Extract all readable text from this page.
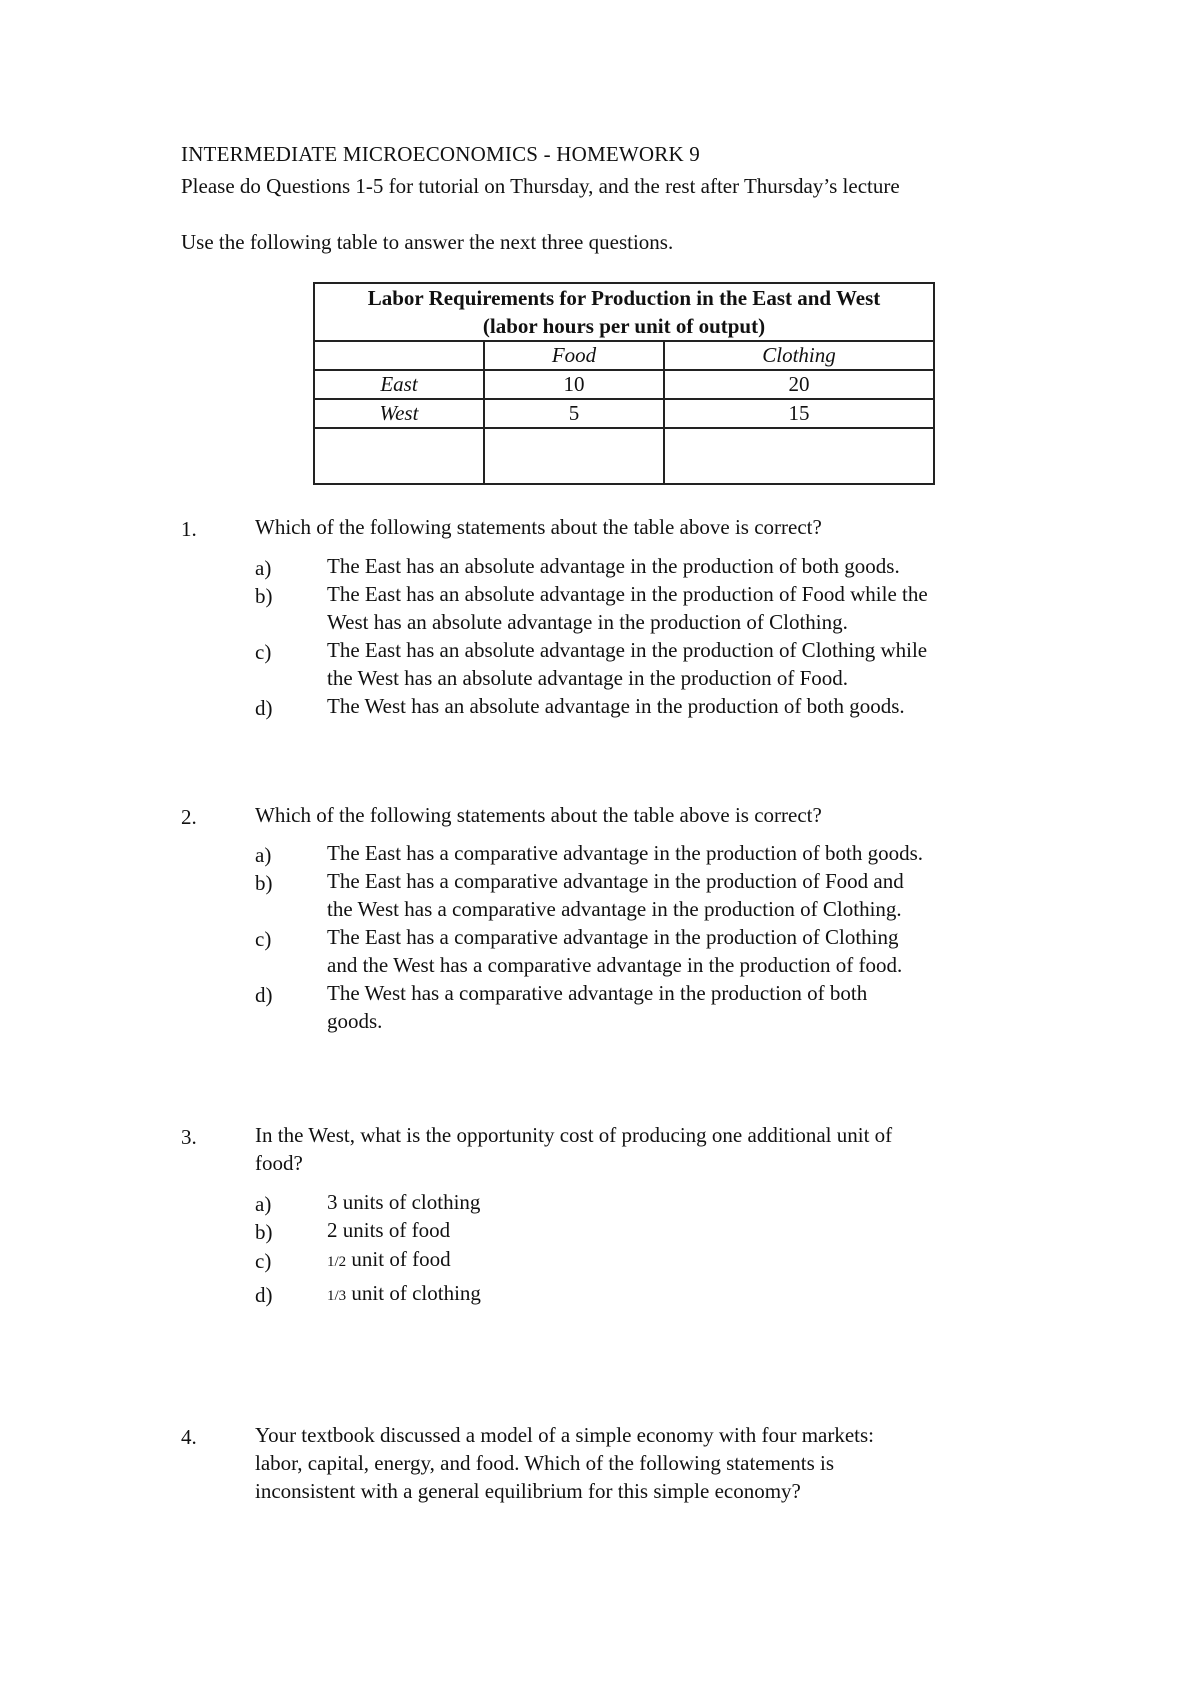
INTERMEDIATE MICROECONOMICS - HOMEWORK 9
Please do Questions 1-5 for tutorial on Thursday, and the rest after Thursday’s lecture
Use the following table to answer the next three questions.
Labor Requirements for Production in the East and West
(labor hours per unit of output)		

	Food	Clothing
East	10	20
West	5	15

1.	Which of the following statements about the table above is correct?
a)	The East has an absolute advantage in the production of both goods.
b)	The East has an absolute advantage in the production of Food while the
West has an absolute advantage in the production of Clothing.
c)	The East has an absolute advantage in the production of Clothing while
the West has an absolute advantage in the production of Food.
d)	The West has an absolute advantage in the production of both goods.
2.	Which of the following statements about the table above is correct?
a)	The East has a comparative advantage in the production of both goods.
b)	The East has a comparative advantage in the production of Food and
the West has a comparative advantage in the production of Clothing.
c)	The East has a comparative advantage in the production of Clothing
and the West has a comparative advantage in the production of food.
d)	The West has a comparative advantage in the production of both
goods.
3.	In the West, what is the opportunity cost of producing one additional unit of
food?
a)	3 units of clothing
b)	2 units of food
c)	1/2 unit of food
d)	1/3 unit of clothing
4.	Your textbook discussed a model of a simple economy with four markets:
labor, capital, energy, and food. Which of the following statements is
inconsistent with a general equilibrium for this simple economy?
